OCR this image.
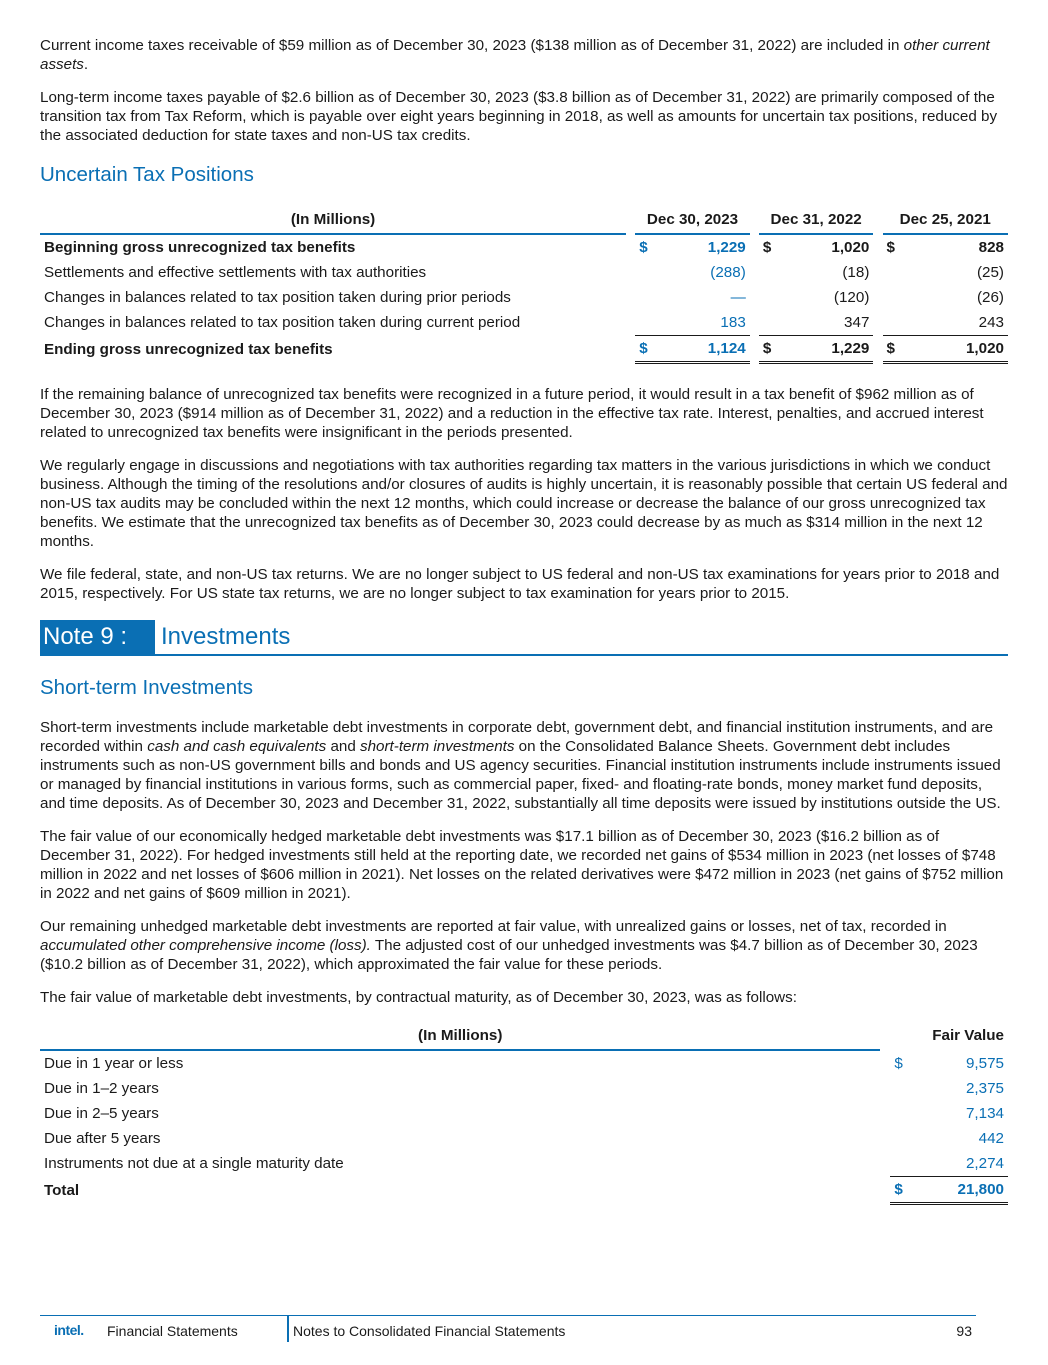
Current income taxes receivable of $59 million as of December 30, 2023 ($138 million as of December 31, 2022) are included in other current assets.

Long-term income taxes payable of $2.6 billion as of December 30, 2023 ($3.8 billion as of December 31, 2022) are primarily composed of the transition tax from Tax Reform, which is payable over eight years beginning in 2018, as well as amounts for uncertain tax positions, reduced by the associated deduction for state taxes and non-US tax credits.

Uncertain Tax Positions
(In Millions)		Dec 30, 2023			Dec 31, 2022			Dec 25, 2021	
Beginning gross unrecognized tax benefits		$	1,229		$	1,020		$	828
Settlements and effective settlements with tax authorities			(288)			(18)			(25)
Changes in balances related to tax position taken during prior periods			—			(120)			(26)
Changes in balances related to tax position taken during current period			183			347			243
Ending gross unrecognized tax benefits		$	1,124		$	1,229		$	1,020

If the remaining balance of unrecognized tax benefits were recognized in a future period, it would result in a tax benefit of $962 million as of December 30, 2023 ($914 million as of December 31, 2022) and a reduction in the effective tax rate. Interest, penalties, and accrued interest related to unrecognized tax benefits were insignificant in the periods presented.

We regularly engage in discussions and negotiations with tax authorities regarding tax matters in the various jurisdictions in which we conduct business. Although the timing of the resolutions and/or closures of audits is highly uncertain, it is reasonably possible that certain US federal and non-US tax audits may be concluded within the next 12 months, which could increase or decrease the balance of our gross unrecognized tax benefits. We estimate that the unrecognized tax benefits as of December 30, 2023 could decrease by as much as $314 million in the next 12 months.

We file federal, state, and non-US tax returns. We are no longer subject to US federal and non-US tax examinations for years prior to 2018 and 2015, respectively. For US state tax returns, we are no longer subject to tax examination for years prior to 2015.

Note 9 :	Investments
Short-term Investments

Short-term investments include marketable debt investments in corporate debt, government debt, and financial institution instruments, and are recorded within cash and cash equivalents and short-term investments on the Consolidated Balance Sheets. Government debt includes instruments such as non-US government bills and bonds and US agency securities. Financial institution instruments include instruments issued or managed by financial institutions in various forms, such as commercial paper, fixed- and floating-rate bonds, money market fund deposits, and time deposits. As of December 30, 2023 and December 31, 2022, substantially all time deposits were issued by institutions outside the US.

The fair value of our economically hedged marketable debt investments was $17.1 billion as of December 30, 2023 ($16.2 billion as of December 31, 2022). For hedged investments still held at the reporting date, we recorded net gains of $534 million in 2023 (net losses of $748 million in 2022 and net losses of $606 million in 2021). Net losses on the related derivatives were $472 million in 2023 (net gains of $752 million in 2022 and net gains of $609 million in 2021).

Our remaining unhedged marketable debt investments are reported at fair value, with unrealized gains or losses, net of tax, recorded in accumulated other comprehensive income (loss). The adjusted cost of our unhedged investments was $4.7 billion as of December 30, 2023 ($10.2 billion as of December 31, 2022), which approximated the fair value for these periods.

The fair value of marketable debt investments, by contractual maturity, as of December 30, 2023, was as follows:

(In Millions)		Fair Value	
Due in 1 year or less		$	9,575
Due in 1–2 years			2,375
Due in 2–5 years			7,134
Due after 5 years			442
Instruments not due at a single maturity date			2,274
Total		$	21,800
intel. Financial Statements	Notes to Consolidated Financial Statements	93
